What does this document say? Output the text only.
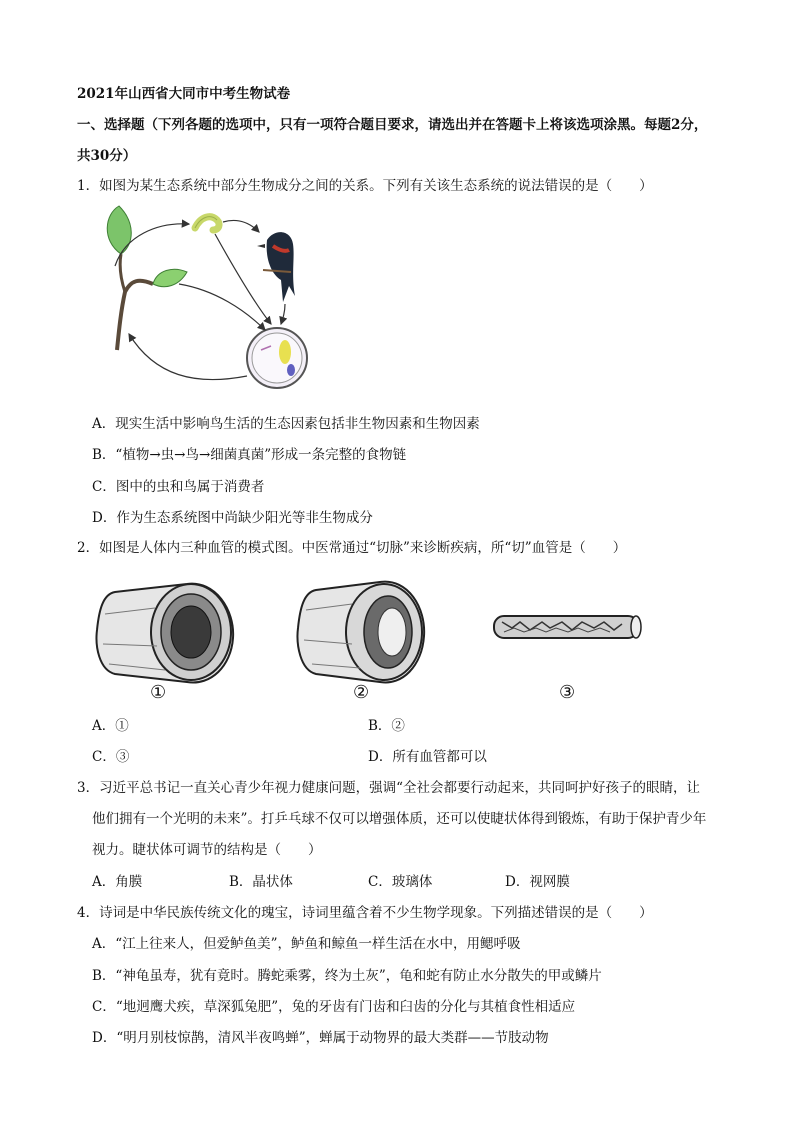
2021年山西省大同市中考生物试卷
一、选择题（下列各题的选项中，只有一项符合题目要求，请选出并在答题卡上将该选项涂黑。每题2分，
共30分）
1．如图为某生态系统中部分生物成分之间的关系。下列有关该生态系统的说法错误的是（　　）
A．现实生活中影响鸟生活的生态因素包括非生物因素和生物因素
B．“植物→虫→鸟→细菌真菌”形成一条完整的食物链
C．图中的虫和鸟属于消费者
D．作为生态系统图中尚缺少阳光等非生物成分
2．如图是人体内三种血管的模式图。中医常通过“切脉”来诊断疾病，所“切”血管是（　　）
①	②	③
A．①	B．②
C．③	D．所有血管都可以
3．习近平总书记一直关心青少年视力健康问题，强调“全社会都要行动起来，共同呵护好孩子的眼睛，让
他们拥有一个光明的未来”。打乒乓球不仅可以增强体质，还可以使睫状体得到锻炼，有助于保护青少年
视力。睫状体可调节的结构是（　　）
A．角膜	B．晶状体	C．玻璃体	D．视网膜
4．诗词是中华民族传统文化的瑰宝，诗词里蕴含着不少生物学现象。下列描述错误的是（　　）
A．“江上往来人，但爱鲈鱼美”，鲈鱼和鲸鱼一样生活在水中，用鳃呼吸
B．“神龟虽寿，犹有竟时。腾蛇乘雾，终为土灰”，龟和蛇有防止水分散失的甲或鳞片
C．“地迥鹰犬疾，草深狐兔肥”，兔的牙齿有门齿和臼齿的分化与其植食性相适应
D．“明月别枝惊鹊，清风半夜鸣蝉”，蝉属于动物界的最大类群——节肢动物
